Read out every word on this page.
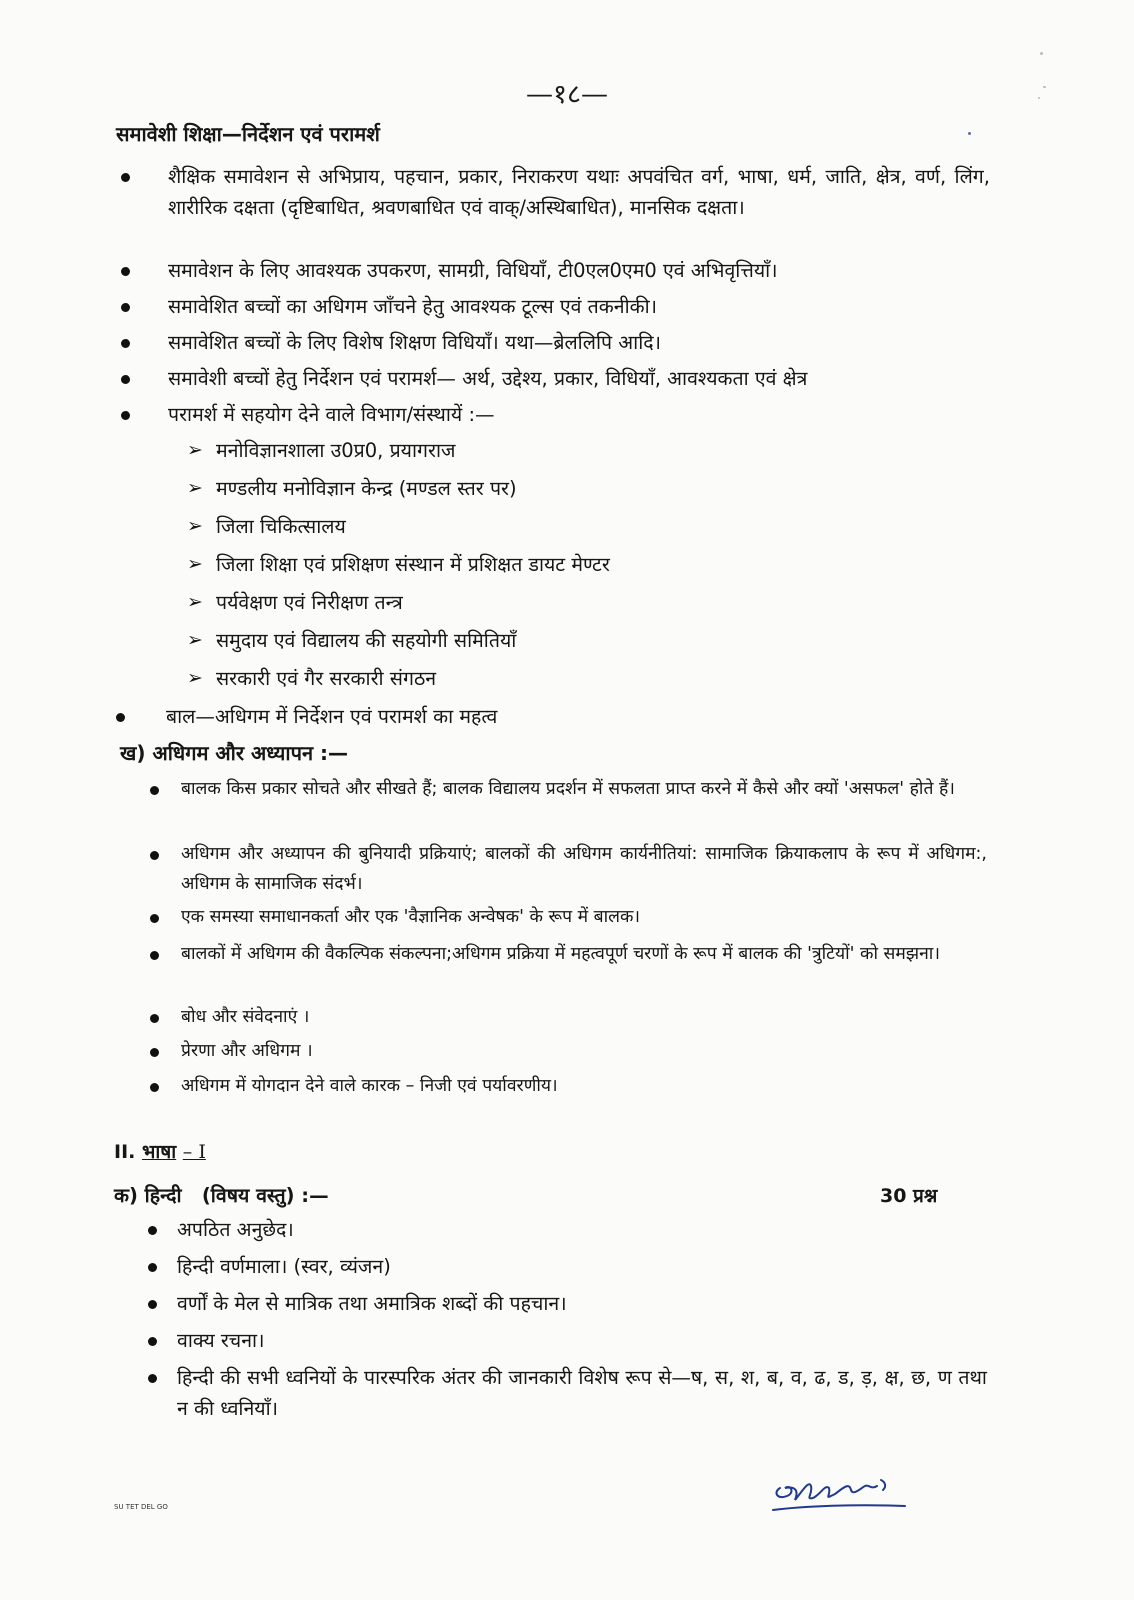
—१८—
समावेशी शिक्षा—निर्देशन एवं परामर्श
शैक्षिक समावेशन से अभिप्राय, पहचान, प्रकार, निराकरण यथाः अपवंचित वर्ग, भाषा, धर्म, जाति, क्षेत्र, वर्ण, लिंग, शारीरिक दक्षता (दृष्टिबाधित, श्रवणबाधित एवं वाक्/अस्थिबाधित), मानसिक दक्षता।
समावेशन के लिए आवश्यक उपकरण, सामग्री, विधियाँ, टी0एल0एम0 एवं अभिवृत्तियाँ।
समावेशित बच्चों का अधिगम जाँचने हेतु आवश्यक टूल्स एवं तकनीकी।
समावेशित बच्चों के लिए विशेष शिक्षण विधियाँ। यथा—ब्रेललिपि आदि।
समावेशी बच्चों हेतु निर्देशन एवं परामर्श— अर्थ, उद्देश्य, प्रकार, विधियाँ, आवश्यकता एवं क्षेत्र
परामर्श में सहयोग देने वाले विभाग/संस्थायें :—
➢ मनोविज्ञानशाला उ0प्र0, प्रयागराज
➢ मण्डलीय मनोविज्ञान केन्द्र (मण्डल स्तर पर)
➢ जिला चिकित्सालय
➢ जिला शिक्षा एवं प्रशिक्षण संस्थान में प्रशिक्षत डायट मेण्टर
➢ पर्यवेक्षण एवं निरीक्षण तन्त्र
➢ समुदाय एवं विद्यालय की सहयोगी समितियाँ
➢ सरकारी एवं गैर सरकारी संगठन
बाल—अधिगम में निर्देशन एवं परामर्श का महत्व
ख) अधिगम और अध्यापन :—
बालक किस प्रकार सोचते और सीखते हैं; बालक विद्यालय प्रदर्शन में सफलता प्राप्त करने में कैसे और क्यों 'असफल' होते हैं।
अधिगम और अध्यापन की बुनियादी प्रक्रियाएं; बालकों की अधिगम कार्यनीतियां: सामाजिक क्रियाकलाप के रूप में अधिगम:, अधिगम के सामाजिक संदर्भ।
एक समस्या समाधानकर्ता और एक 'वैज्ञानिक अन्वेषक' के रूप में बालक।
बालकों में अधिगम की वैकल्पिक संकल्पना;अधिगम प्रक्रिया में महत्वपूर्ण चरणों के रूप में बालक की 'त्रुटियों' को समझना।
बोध और संवेदनाएं ।
प्रेरणा और अधिगम ।
अधिगम में योगदान देने वाले कारक – निजी एवं पर्यावरणीय।
II. भाषा – I
क) हिन्दी (विषय वस्तु) :—	30 प्रश्न
अपठित अनुछेद।
हिन्दी वर्णमाला। (स्वर, व्यंजन)
वर्णों के मेल से मात्रिक तथा अमात्रिक शब्दों की पहचान।
वाक्य रचना।
हिन्दी की सभी ध्वनियों के पारस्परिक अंतर की जानकारी विशेष रूप से—ष, स, श, ब, व, ढ, ड, ड़, क्ष, छ, ण तथा न की ध्वनियाँ।
SU TET DEL GO
